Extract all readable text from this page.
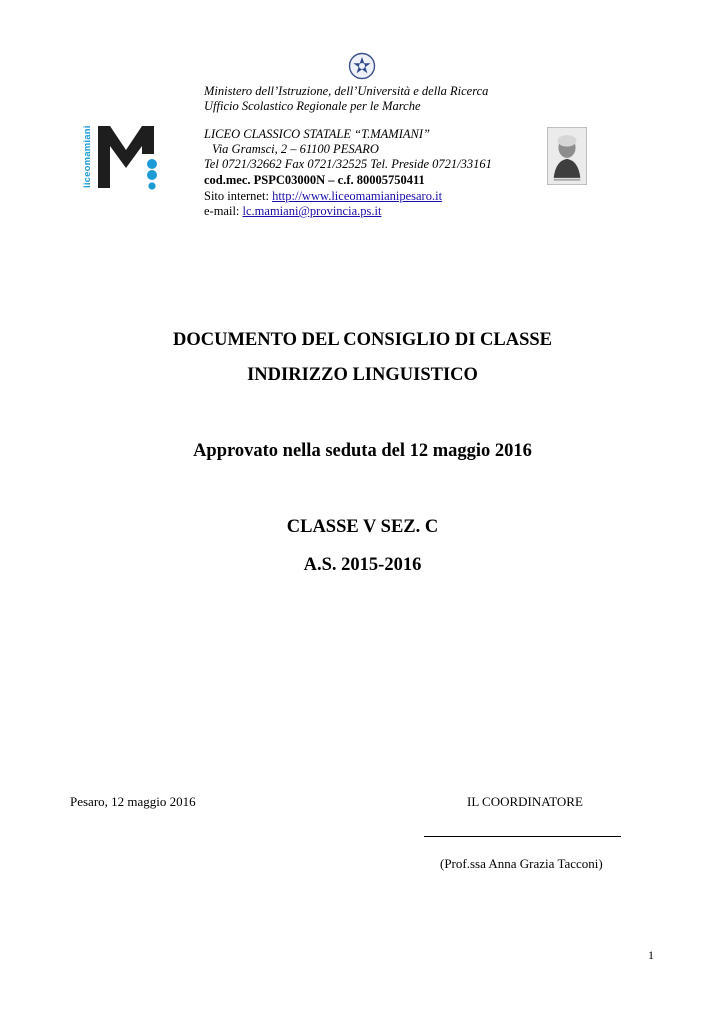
Ministero dell’Istruzione, dell’Università e della Ricerca
Ufficio Scolastico Regionale per le Marche
LICEO CLASSICO STATALE “T.MAMIANI”
Via Gramsci, 2 – 61100 PESARO
Tel 0721/32662 Fax 0721/32525 Tel. Preside 0721/33161
cod.mec. PSPC03000N – c.f. 80005750411
Sito internet: http://www.liceomamianipesaro.it
e-mail: lc.mamiani@provincia.ps.it
liceomamiani
DOCUMENTO DEL CONSIGLIO DI CLASSE
INDIRIZZO LINGUISTICO
Approvato nella seduta del 12 maggio 2016
CLASSE V SEZ. C
A.S. 2015-2016
Pesaro, 12 maggio 2016	IL COORDINATORE
(Prof.ssa Anna Grazia Tacconi)
1
